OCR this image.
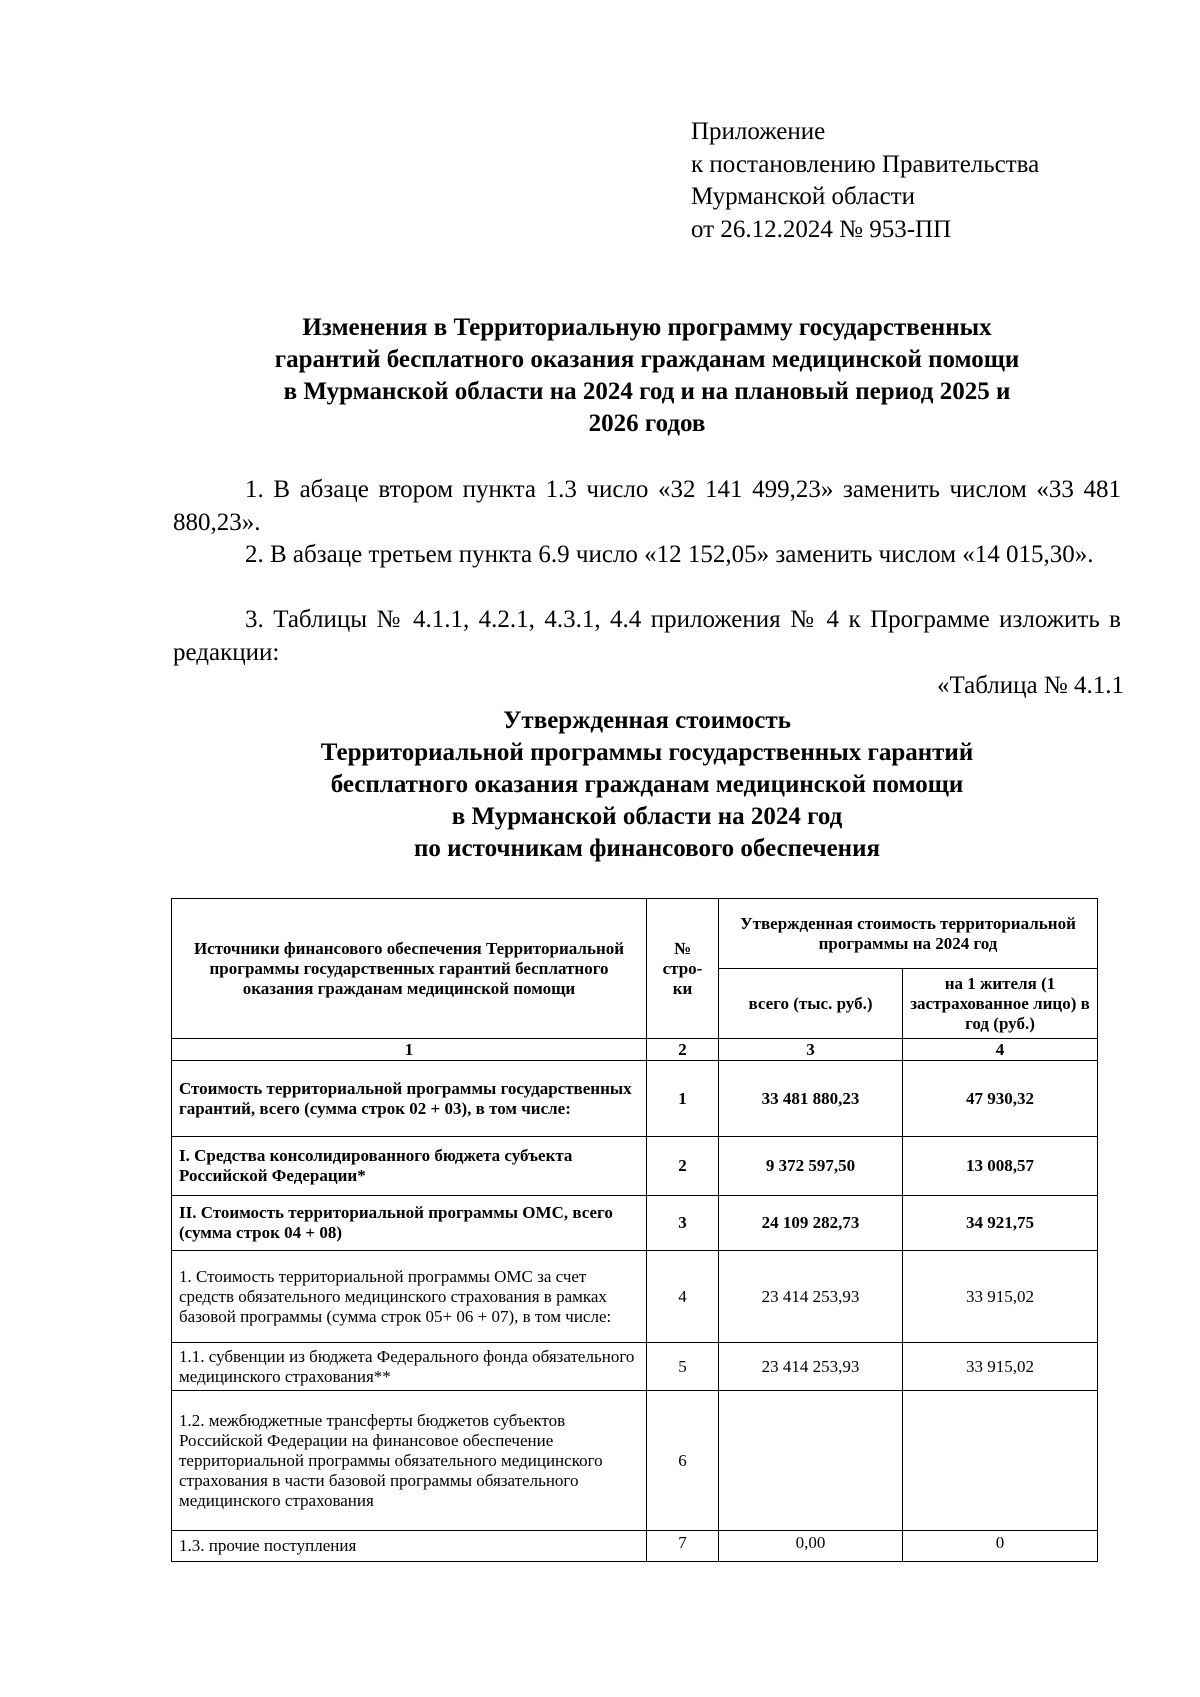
Приложение
к постановлению Правительства
Мурманской области
от 26.12.2024 № 953-ПП
Изменения в Территориальную программу государственных
гарантий бесплатного оказания гражданам медицинской помощи
в Мурманской области на 2024 год и на плановый период 2025 и
2026 годов
1. В абзаце втором пункта 1.3 число «32 141 499,23» заменить числом «33 481 880,23».
2. В абзаце третьем пункта 6.9 число «12 152,05» заменить числом «14 015,30».
3. Таблицы № 4.1.1, 4.2.1, 4.3.1, 4.4 приложения № 4 к Программе изложить в редакции:
«Таблица № 4.1.1
Утвержденная стоимость
Территориальной программы государственных гарантий
бесплатного оказания гражданам медицинской помощи
в Мурманской области на 2024 год
по источникам финансового обеспечения
Источники финансового обеспечения Территориальной программы государственных гарантий бесплатного оказания гражданам медицинской помощи	№ стро-ки	Утвержденная стоимость территориальной программы на 2024 год	
		всего (тыс. руб.)	на 1 жителя (1 застрахованное лицо) в год (руб.)
1	2	3	4
Стоимость территориальной программы государственных гарантий, всего (сумма строк 02 + 03), в том числе:	1	33 481 880,23	47 930,32
I. Средства консолидированного бюджета субъекта Российской Федерации*	2	9 372 597,50	13 008,57
II. Стоимость территориальной программы ОМС, всего (сумма строк 04 + 08)	3	24 109 282,73	34 921,75
1. Стоимость территориальной программы ОМС за счет средств обязательного медицинского страхования в рамках базовой программы (сумма строк 05+ 06 + 07), в том числе:	4	23 414 253,93	33 915,02
1.1. субвенции из бюджета Федерального фонда обязательного медицинского страхования**	5	23 414 253,93	33 915,02
1.2. межбюджетные трансферты бюджетов субъектов Российской Федерации на финансовое обеспечение территориальной программы обязательного медицинского страхования в части базовой программы обязательного медицинского страхования	6		
1.3. прочие поступления	7	0,00	0
